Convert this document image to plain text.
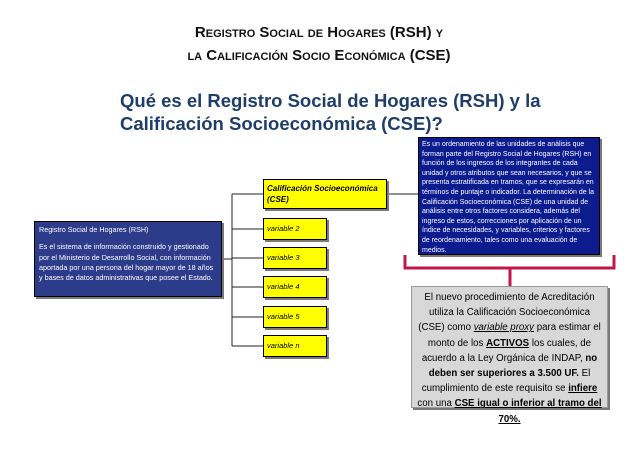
Registro Social de Hogares (RSH) y
la Calificación Socio Económica (CSE)
Qué es el Registro Social de Hogares (RSH) y la
Calificación Socioeconómica (CSE)?

Registro Social de Hogares (RSH)

Es el sistema de información construido y gestionado por el Ministerio de Desarrollo Social, con información aportada por una persona del hogar mayor de 18 años y bases de datos administrativas que posee el Estado.

Calificación Socioeconómica (CSE)
variable 2
variable 3
variable 4
variable 5
variable n
Es un ordenamiento de las unidades de análisis que forman parte del Registro Social de Hogares (RSH) en función de los ingresos de los integrantes de cada unidad y otros atributos que sean necesarios, y que se presenta estratificada en tramos, que se expresarán en términos de puntaje o indicador. La determinación de la Calificación Socioeconómica (CSE) de una unidad de análisis entre otros factores considera, además del ingreso de estos, correcciones por aplicación de un índice de necesidades, y variables, criterios y factores de reordenamiento, tales como una evaluación de medios.
El nuevo procedimiento de Acreditación utiliza la Calificación Socioeconómica (CSE) como variable proxy para estimar el monto de los ACTIVOS los cuales, de acuerdo a la Ley Orgánica de INDAP, no deben ser superiores a 3.500 UF. El cumplimiento de este requisito se infiere con una CSE igual o inferior al tramo del 70%.
